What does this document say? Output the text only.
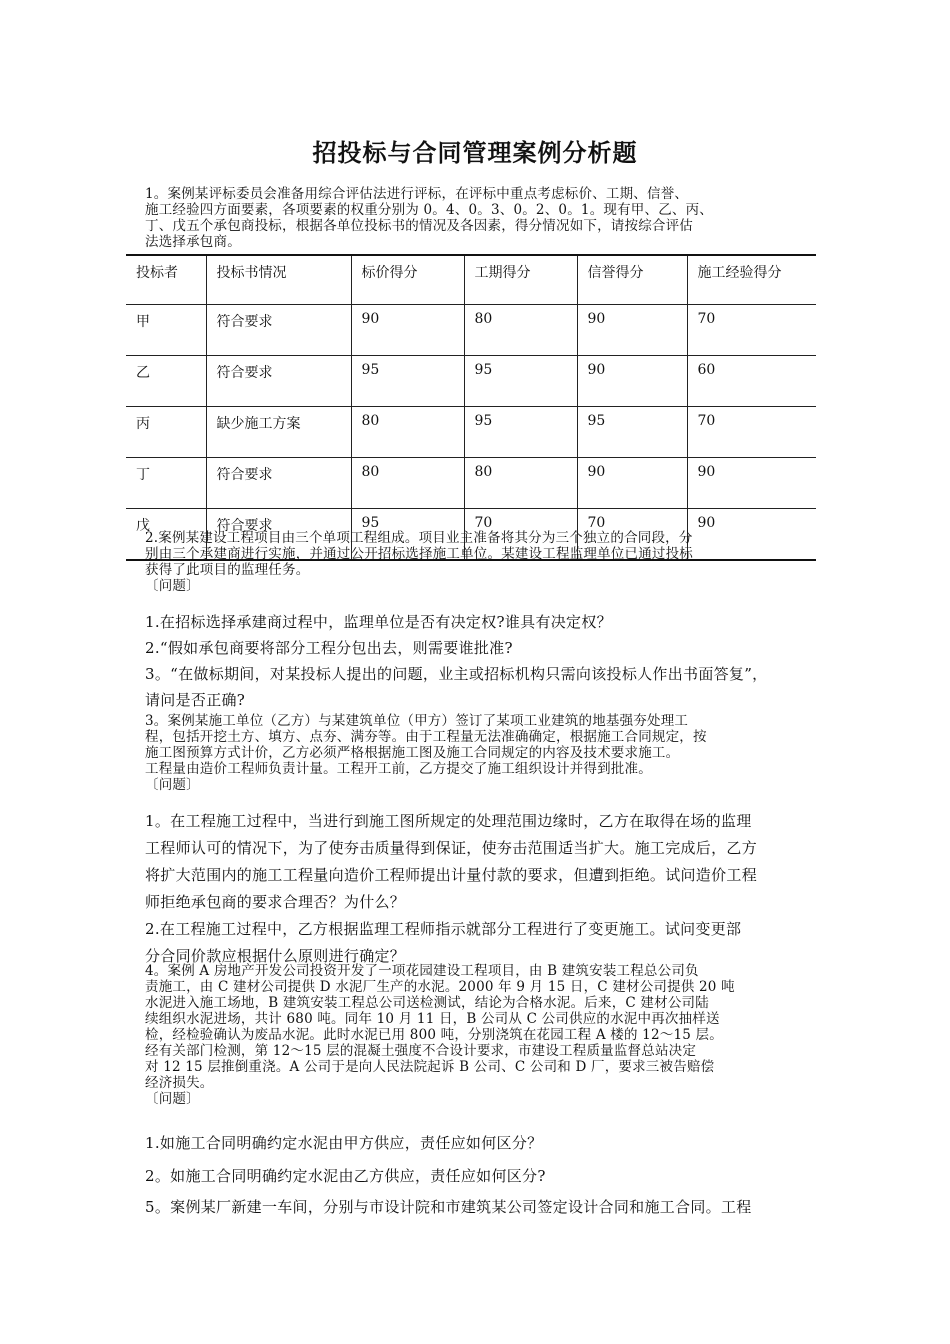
招投标与合同管理案例分析题
1。案例某评标委员会准备用综合评估法进行评标，在评标中重点考虑标价、工期、信誉、
施工经验四方面要素，各项要素的权重分别为 0。4、0。3、0。2、0。1。现有甲、乙、丙、
丁、戊五个承包商投标，根据各单位投标书的情况及各因素，得分情况如下，请按综合评估
法选择承包商。
投标者	投标书情况	标价得分	工期得分	信誉得分	施工经验得分
甲	符合要求	90	80	90	70
乙	符合要求	95	95	90	60
丙	缺少施工方案	80	95	95	70
丁	符合要求	80	80	90	90
戊	符合要求	95	70	70	90
2.案例某建设工程项目由三个单项工程组成。项目业主准备将其分为三个独立的合同段，分
别由三个承建商进行实施，并通过公开招标选择施工单位。某建设工程监理单位已通过投标
获得了此项目的监理任务。
〔问题〕
1.在招标选择承建商过程中，监理单位是否有决定权?谁具有决定权？
2.“假如承包商要将部分工程分包出去，则需要谁批准?
3。“在做标期间，对某投标人提出的问题，业主或招标机构只需向该投标人作出书面答复”，
请问是否正确?
3。案例某施工单位（乙方）与某建筑单位（甲方）签订了某项工业建筑的地基强夯处理工
程，包括开挖土方、填方、点夯、满夯等。由于工程量无法准确确定，根据施工合同规定，按
施工图预算方式计价，乙方必须严格根据施工图及施工合同规定的内容及技术要求施工。
工程量由造价工程师负责计量。工程开工前，乙方提交了施工组织设计并得到批准。
〔问题〕
1。在工程施工过程中，当进行到施工图所规定的处理范围边缘时，乙方在取得在场的监理
工程师认可的情况下，为了使夯击质量得到保证，使夯击范围适当扩大。施工完成后，乙方
将扩大范围内的施工工程量向造价工程师提出计量付款的要求，但遭到拒绝。试问造价工程
师拒绝承包商的要求合理否？为什么？
2.在工程施工过程中，乙方根据监理工程师指示就部分工程进行了变更施工。试问变更部
分合同价款应根据什么原则进行确定？
4。案例 A 房地产开发公司投资开发了一项花园建设工程项目，由 B 建筑安装工程总公司负
责施工，由 C 建材公司提供 D 水泥厂生产的水泥。2000 年 9 月 15 日，C 建材公司提供 20 吨
水泥进入施工场地，B 建筑安装工程总公司送检测试，结论为合格水泥。后来，C 建材公司陆
续组织水泥进场，共计 680 吨。同年 10 月 11 日，B 公司从 C 公司供应的水泥中再次抽样送
检，经检验确认为废品水泥。此时水泥已用 800 吨，分别浇筑在花园工程 A 楼的 12～15 层。
经有关部门检测，第 12～15 层的混凝土强度不合设计要求，市建设工程质量监督总站决定
对 12 15 层推倒重浇。A 公司于是向人民法院起诉 B 公司、C 公司和 D 厂，要求三被告赔偿
经济损失。
〔问题〕
1.如施工合同明确约定水泥由甲方供应，责任应如何区分？
2。如施工合同明确约定水泥由乙方供应，责任应如何区分?
5。案例某厂新建一车间，分别与市设计院和市建筑某公司签定设计合同和施工合同。工程
